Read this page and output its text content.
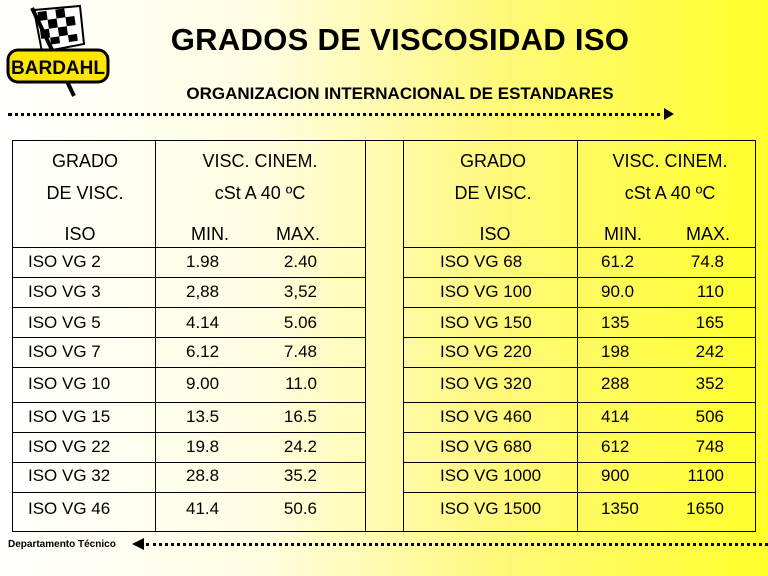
BARDAHL
GRADOS DE VISCOSIDAD ISO
ORGANIZACION INTERNACIONAL DE ESTANDARES
GRADO
DE VISC.
ISO
VISC. CINEM.
cSt A 40 ºC
MIN.	MAX.
GRADO
DE VISC.
ISO
VISC. CINEM.
cSt A 40 ºC
MIN.	MAX.
ISO VG 2	1.98	2.40
ISO VG 3	2,88	3,52
ISO VG 5	4.14	5.06
ISO VG 7	6.12	7.48
ISO VG 10	9.00	11.0
ISO VG 15	13.5	16.5
ISO VG 22	19.8	24.2
ISO VG 32	28.8	35.2
ISO VG 46	41.4	50.6
ISO VG 68	61.2	74.8
ISO VG 100	90.0	110
ISO VG 150	135	165
ISO VG 220	198	242
ISO VG 320	288	352
ISO VG 460	414	506
ISO VG 680	612	748
ISO VG 1000	900	1100
ISO VG 1500	1350	1650
Departamento Técnico
